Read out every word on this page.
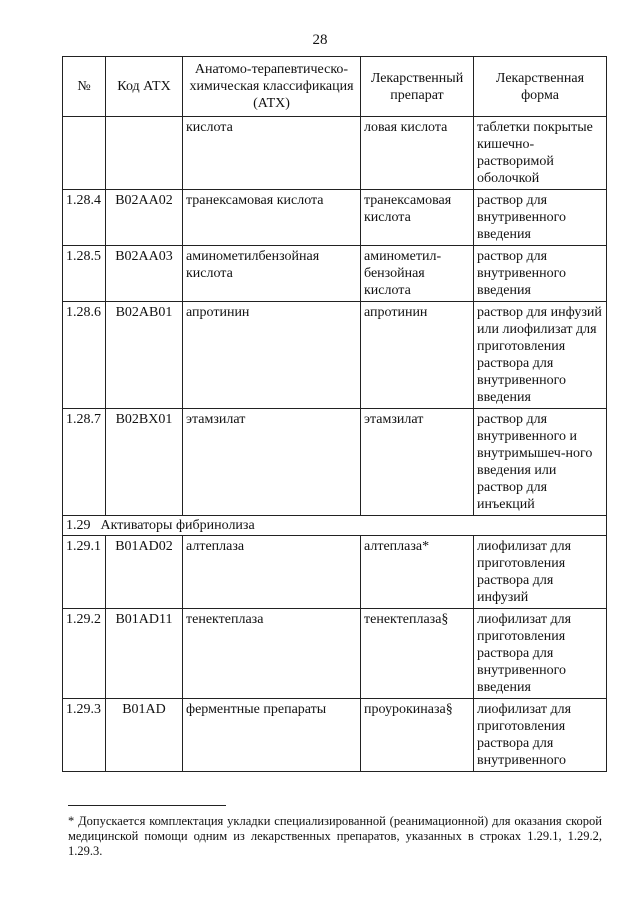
28
№	Код АТХ	Анатомо-терапевтическо-химическая классификация (АТХ)	Лекарственный препарат	Лекарственная форма
		кислота	ловая кислота	таблетки покрытые кишечно-растворимой оболочкой
1.28.4	B02AA02	транексамовая кислота	транексамовая кислота	раствор для внутривенного введения
1.28.5	B02AA03	аминометилбензойная кислота	аминометил-бензойная кислота	раствор для внутривенного введения
1.28.6	B02AB01	апротинин	апротинин	раствор для инфузий или лиофилизат для приготовления раствора для внутривенного введения
1.28.7	B02BX01	этамзилат	этамзилат	раствор для внутривенного и внутримышеч-ного введения или раствор для инъекций
1.29 Активаторы фибринолиза				
1.29.1	B01AD02	алтеплаза	алтеплаза*	лиофилизат для приготовления раствора для инфузий
1.29.2	B01AD11	тенектеплаза	тенектеплаза§	лиофилизат для приготовления раствора для внутривенного введения
1.29.3	B01AD	ферментные препараты	проурокиназа§	лиофилизат для приготовления раствора для внутривенного

* Допускается комплектация укладки специализированной (реанимационной) для оказания скорой медицинской помощи одним из лекарственных препаратов, указанных в строках 1.29.1, 1.29.2, 1.29.3.
